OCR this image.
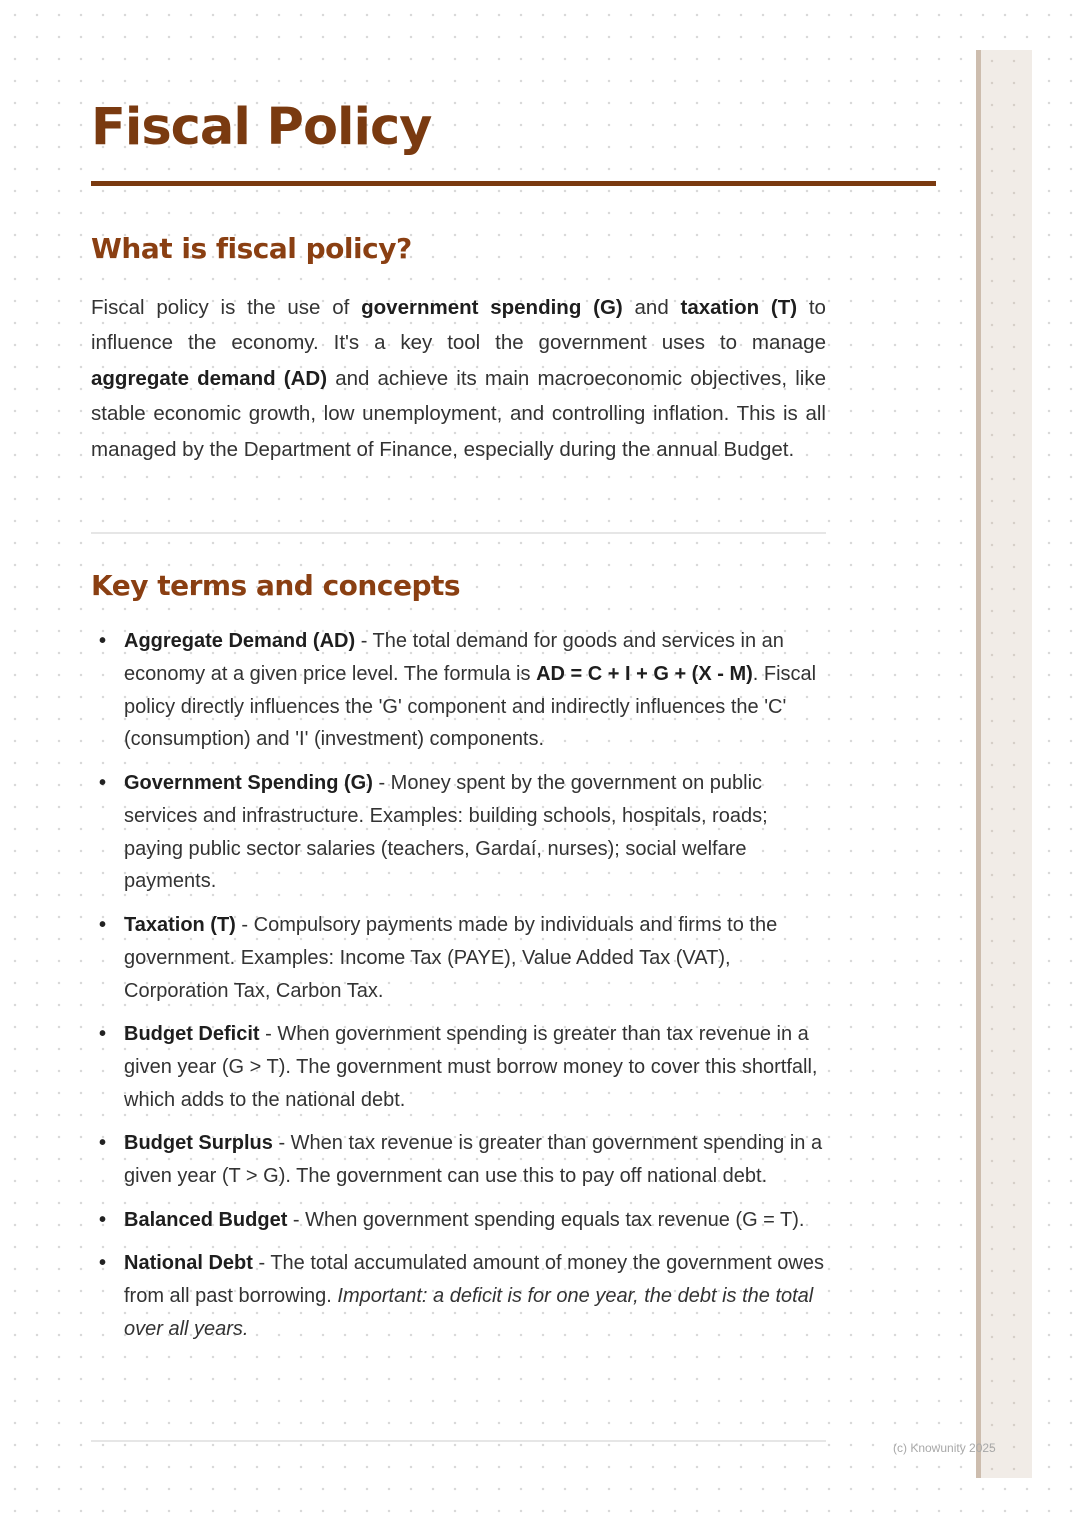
Fiscal Policy
What is fiscal policy?

Fiscal policy is the use of government spending (G) and taxation (T) to influence the economy. It's a key tool the government uses to manage aggregate demand (AD) and achieve its main macroeconomic objectives, like stable economic growth, low unemployment, and controlling inflation. This is all managed by the Department of Finance, especially during the annual Budget.

Key terms and concepts
• Aggregate Demand (AD) - The total demand for goods and services in an economy at a given price level. The formula is AD = C + I + G + (X - M). Fiscal policy directly influences the 'G' component and indirectly influences the 'C' (consumption) and 'I' (investment) components.
• Government Spending (G) - Money spent by the government on public services and infrastructure. Examples: building schools, hospitals, roads; paying public sector salaries (teachers, Gardaí, nurses); social welfare payments.
• Taxation (T) - Compulsory payments made by individuals and firms to the government. Examples: Income Tax (PAYE), Value Added Tax (VAT), Corporation Tax, Carbon Tax.
• Budget Deficit - When government spending is greater than tax revenue in a given year (G > T). The government must borrow money to cover this shortfall, which adds to the national debt.
• Budget Surplus - When tax revenue is greater than government spending in a given year (T > G). The government can use this to pay off national debt.
• Balanced Budget - When government spending equals tax revenue (G = T).
• National Debt - The total accumulated amount of money the government owes from all past borrowing. Important: a deficit is for one year, the debt is the total over all years.
(c) Knowunity 2025
